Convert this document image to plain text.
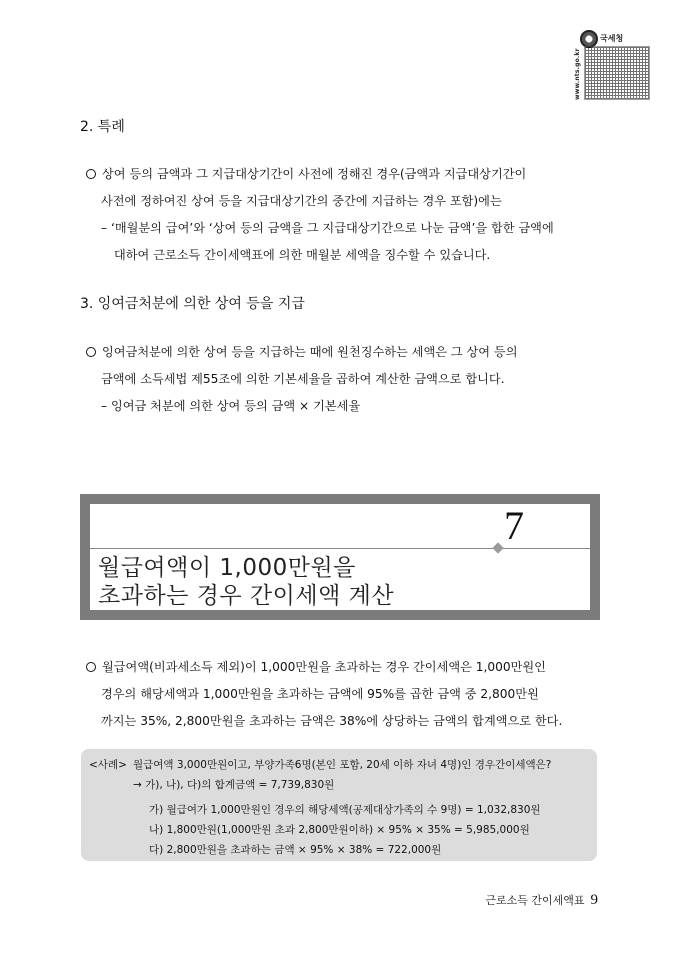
국세청
www.nts.go.kr
2. 특례
상여 등의 금액과 그 지급대상기간이 사전에 정해진 경우(금액과 지급대상기간이
사전에 정하여진 상여 등을 지급대상기간의 중간에 지급하는 경우 포함)에는
– ‘매월분의 급여’와 ‘상여 등의 금액을 그 지급대상기간으로 나눈 금액’을 합한 금액에
대하여 근로소득 간이세액표에 의한 매월분 세액을 징수할 수 있습니다.
3. 잉여금처분에 의한 상여 등을 지급
잉여금처분에 의한 상여 등을 지급하는 때에 원천징수하는 세액은 그 상여 등의
금액에 소득세법 제55조에 의한 기본세율을 곱하여 계산한 금액으로 합니다.
– 잉여금 처분에 의한 상여 등의 금액 × 기본세율
7
월급여액이 1,000만원을
초과하는 경우 간이세액 계산
월급여액(비과세소득 제외)이 1,000만원을 초과하는 경우 간이세액은 1,000만원인
경우의 해당세액과 1,000만원을 초과하는 금액에 95%를 곱한 금액 중 2,800만원
까지는 35%, 2,800만원을 초과하는 금액은 38%에 상당하는 금액의 합계액으로 한다.
<사례> 월급여액 3,000만원이고, 부양가족6명(본인 포함, 20세 이하 자녀 4명)인 경우간이세액은?
→ 가), 나), 다)의 합계금액 = 7,739,830원
가) 월급여가 1,000만원인 경우의 해당세액(공제대상가족의 수 9명) = 1,032,830원
나) 1,800만원(1,000만원 초과 2,800만원이하) × 95% × 35% = 5,985,000원
다) 2,800만원을 초과하는 금액 × 95% × 38% = 722,000원
근로소득 간이세액표 9
